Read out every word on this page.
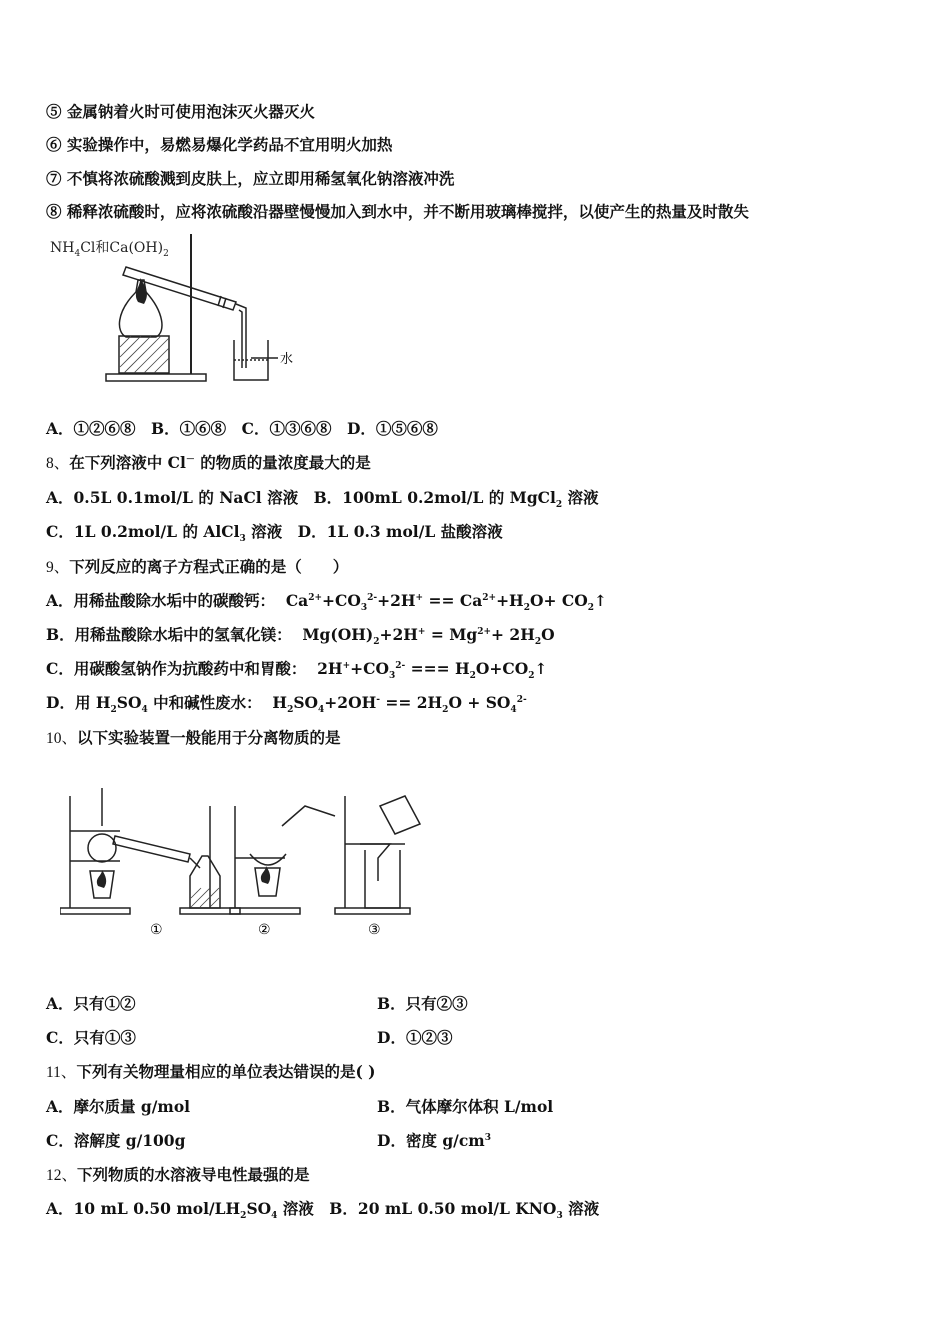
⑤ 金属钠着火时可使用泡沫灭火器灭火
⑥ 实验操作中，易燃易爆化学药品不宜用明火加热
⑦ 不慎将浓硫酸溅到皮肤上，应立即用稀氢氧化钠溶液冲洗
⑧ 稀释浓硫酸时，应将浓硫酸沿器壁慢慢加入到水中，并不断用玻璃棒搅拌，以使产生的热量及时散失
$NH_4Cl$和$Ca(OH)_2$
水
A．①②⑥⑧　B．①⑥⑧　C．①③⑥⑧　D．①⑤⑥⑧
8、在下列溶液中 Cl－ 的物质的量浓度最大的是
A．0.5L 0.1mol/L 的 NaCl 溶液　B．100mL 0.2mol/L 的 MgCl$_2$ 溶液
C．1L 0.2mol/L 的 AlCl$_3$ 溶液　D．1L 0.3 mol/L 盐酸溶液
9、下列反应的离子方程式正确的是（　　）
A．用稀盐酸除水垢中的碳酸钙：  $Ca^{2+}+CO_3^{2-}+2H^+ == Ca^{2+}+H_2O+$ $CO_2↑$
B．用稀盐酸除水垢中的氢氧化镁：  $Mg(OH)_2+2H^+ = Mg^{2+}+ 2H_2O$
C．用碳酸氢钠作为抗酸药中和胃酸：  $2H^++CO_3^{2-}$ === $H_2O+CO_2↑$
D．用 $H_2SO_4$ 中和碱性废水：  $H_2SO_4+2OH^- == 2H_2O + SO_4^{2-}$
10、以下实验装置一般能用于分离物质的是
①	②	③
A．只有①②	B．只有②③
C．只有①③	D．①②③
11、下列有关物理量相应的单位表达错误的是( )
A．摩尔质量 g/mol	B．气体摩尔体积 L/mol
C．溶解度 g/100g	D．密度 $g/cm^3$
12、下列物质的水溶液导电性最强的是
A．10 mL 0.50 mol/$LH_2SO_4$ 溶液　B．20 mL 0.50 mol/L $KNO_3$ 溶液
